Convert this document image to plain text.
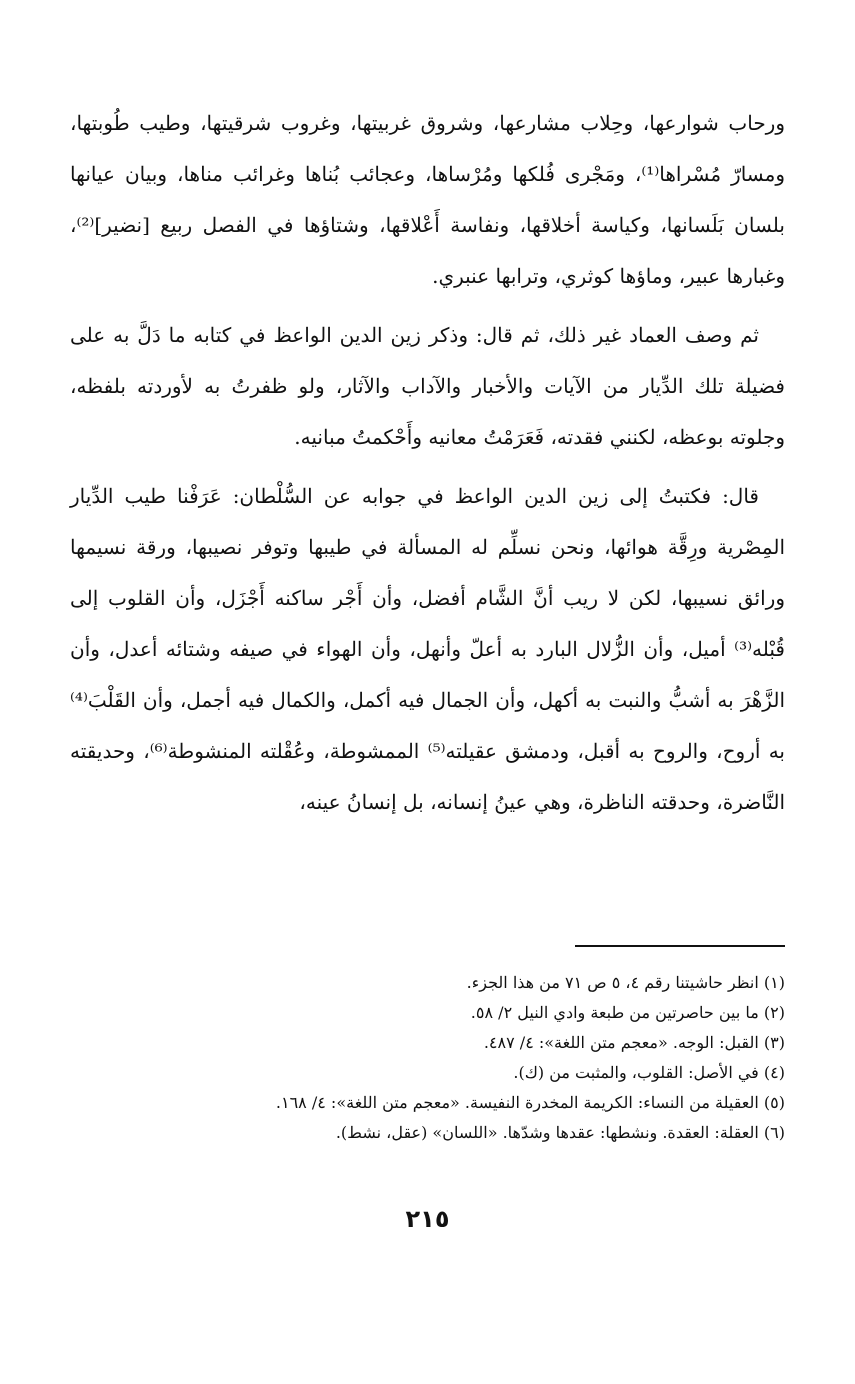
ورحاب شوارعها، وحِلاب مشارعها، وشروق غربيتها، وغروب شرقيتها، وطيب طُوبتها، ومسارّ مُسْراها⁽¹⁾، ومَجْرى فُلكها ومُرْساها، وعجائب بُناها وغرائب مناها، وبيان عيانها بلسان بَلَسانها، وكياسة أخلاقها، ونفاسة أَعْلاقها، وشتاؤها في الفصل ربيع [نضير]⁽²⁾، وغبارها عبير، وماؤها كوثري، وترابها عنبري.

ثم وصف العماد غير ذلك، ثم قال: وذكر زين الدين الواعظ في كتابه ما دَلَّ به على فضيلة تلك الدِّيار من الآيات والأخبار والآداب والآثار، ولو ظفرتُ به لأوردته بلفظه، وجلوته بوعظه، لكنني فقدته، فَعَرَمْتُ معانيه وأَحْكمتُ مبانيه.

قال: فكتبتُ إلى زين الدين الواعظ في جوابه عن السُّلْطان: عَرَفْنا طيب الدِّيار المِصْرية ورِقَّة هوائها، ونحن نسلِّم له المسألة في طيبها وتوفر نصيبها، ورقة نسيمها ورائق نسيبها، لكن لا ريب أنَّ الشَّام أفضل، وأن أَجْر ساكنه أَجْزَل، وأن القلوب إلى قُبْله⁽³⁾ أميل، وأن الزُّلال البارد به أعلّ وأنهل، وأن الهواء في صيفه وشتائه أعدل، وأن الزَّهْرَ به أشبُّ والنبت به أكهل، وأن الجمال فيه أكمل، والكمال فيه أجمل، وأن القَلْبَ⁽⁴⁾ به أروح، والروح به أقبل، ودمشق عقيلته⁽⁵⁾ الممشوطة، وعُقْلته المنشوطة⁽⁶⁾، وحديقته النَّاضرة، وحدقته الناظرة، وهي عينُ إنسانه، بل إنسانُ عينه،

(١) انظر حاشيتنا رقم ٤، ٥ ص ٧١ من هذا الجزء.
(٢) ما بين حاصرتين من طبعة وادي النيل ٢/ ٥٨.
(٣) القبل: الوجه. «معجم متن اللغة»: ٤/ ٤٨٧.
(٤) في الأصل: القلوب، والمثبت من (ك).
(٥) العقيلة من النساء: الكريمة المخدرة النفيسة. «معجم متن اللغة»: ٤/ ١٦٨.
(٦) العقلة: العقدة. ونشطها: عقدها وشدّها. «اللسان» (عقل، نشط).
٢١٥
